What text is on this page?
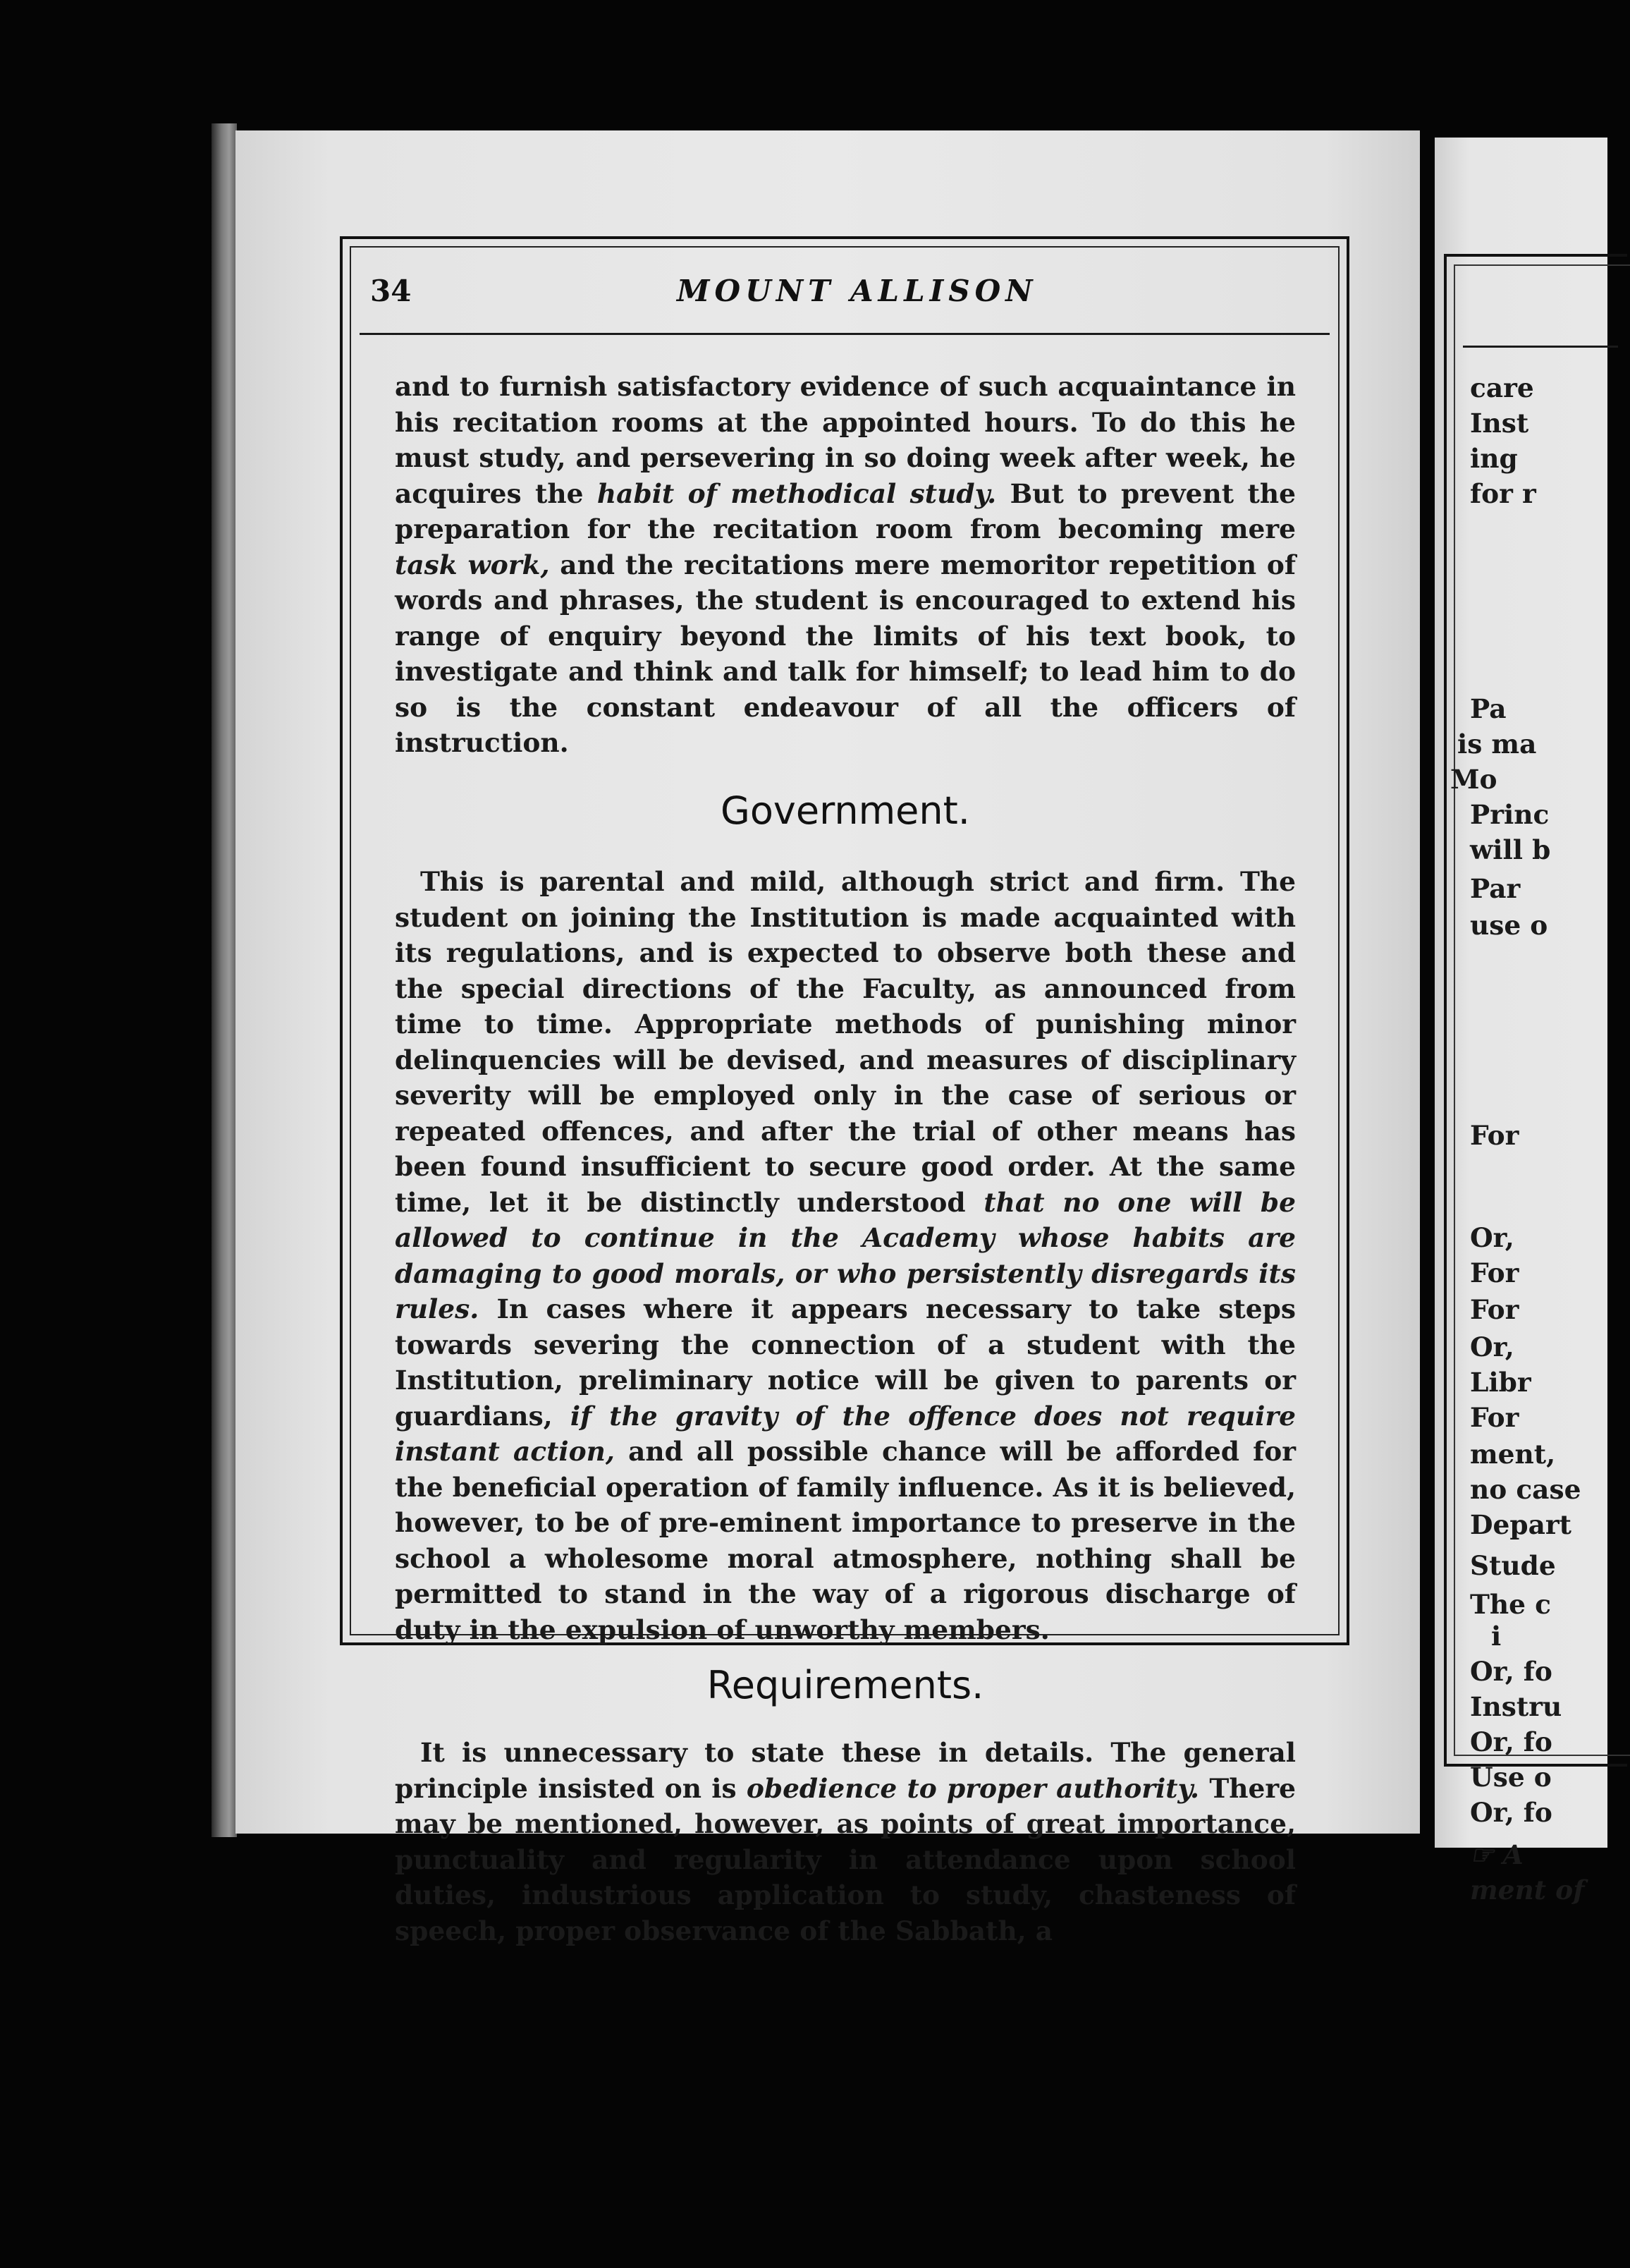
34	MOUNT ALLISON

and to furnish satisfactory evidence of such acquaintance in his recitation rooms at the appointed hours. To do this he must study, and persevering in so doing week after week, he acquires the habit of methodical study. But to prevent the preparation for the recitation room from becoming mere task work, and the recitations mere memoritor repetition of words and phrases, the student is encouraged to extend his range of enquiry beyond the limits of his text book, to investigate and think and talk for himself; to lead him to do so is the constant endeavour of all the officers of instruction.

Government.

This is parental and mild, although strict and firm. The student on joining the Institution is made acquainted with its regulations, and is expected to observe both these and the special directions of the Faculty, as announced from time to time. Appropriate methods of punishing minor delinquencies will be devised, and measures of disciplinary severity will be employed only in the case of serious or repeated offences, and after the trial of other means has been found insufficient to secure good order. At the same time, let it be distinctly understood that no one will be allowed to continue in the Academy whose habits are damaging to good morals, or who persistently disregards its rules. In cases where it appears necessary to take steps towards severing the connection of a student with the Institution, preliminary notice will be given to parents or guardians, if the gravity of the offence does not require instant action, and all possible chance will be afforded for the beneficial operation of family influence. As it is believed, however, to be of pre-eminent importance to preserve in the school a wholesome moral atmosphere, nothing shall be permitted to stand in the way of a rigorous discharge of duty in the expulsion of unworthy members.

Requirements.

It is unnecessary to state these in details. The general principle insisted on is obedience to proper authority. There may be mentioned, however, as points of great importance, punctuality and regularity in attendance upon school duties, industrious application to study, chasteness of speech, proper observance of the Sabbath, a

care
Inst
ing
for r
Pa
is ma
Mo
Princ
will b
Par
use o
For
Or,
For
For
Or,
Libr
For
ment,
no case
Depart
Stude
The c
i
Or, fo
Instru
Or, fo
Use o
Or, fo
☞ A
ment of
